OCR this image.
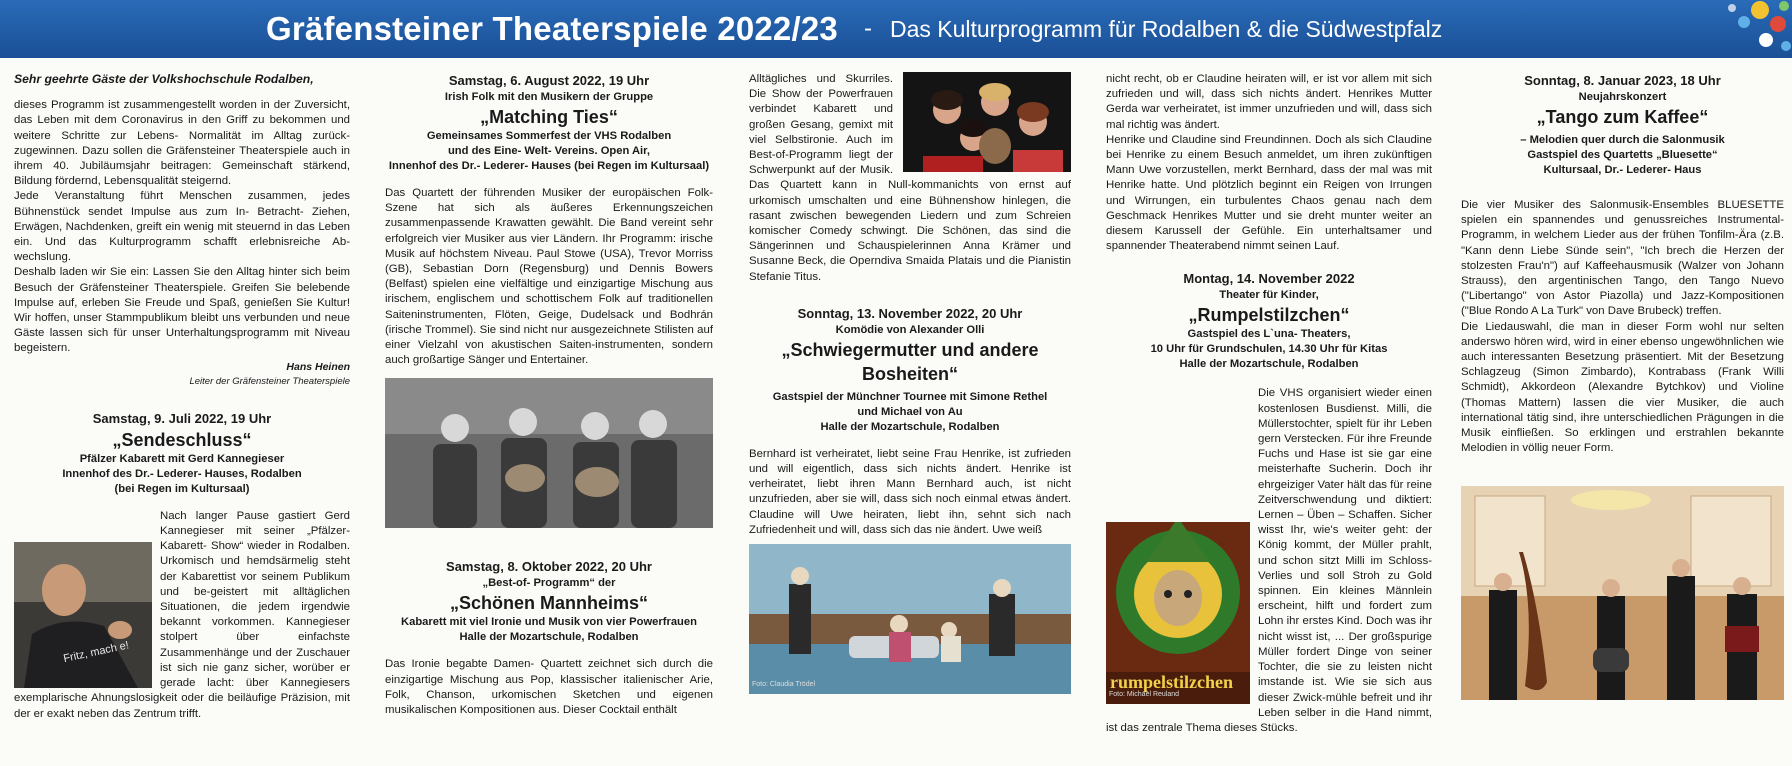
Gräfensteiner Theaterspiele 2022/23 - Das Kulturprogramm für Rodalben & die Südwestpfalz
Sehr geehrte Gäste der Volkshochschule Rodalben,

dieses Programm ist zusammengestellt worden in der Zuversicht, das Leben mit dem Coronavirus in den Griff zu bekommen und weitere Schritte zur Lebens- Normalität im Alltag zurück-zugewinnen. Dazu sollen die Gräfensteiner Theaterspiele auch in ihrem 40. Jubiläumsjahr beitragen: Gemeinschaft stärkend, Bildung fördernd, Lebensqualität steigernd.

Jede Veranstaltung führt Menschen zusammen, jedes Bühnenstück sendet Impulse aus zum In- Betracht- Ziehen, Erwägen, Nachdenken, greift ein wenig mit steuernd in das Leben ein. Und das Kulturprogramm schafft erlebnisreiche Ab-wechslung.

Deshalb laden wir Sie ein: Lassen Sie den Alltag hinter sich beim Besuch der Gräfensteiner Theaterspiele. Greifen Sie belebende Impulse auf, erleben Sie Freude und Spaß, genießen Sie Kultur! Wir hoffen, unser Stammpublikum bleibt uns verbunden und neue Gäste lassen sich für unser Unterhaltungsprogramm mit Niveau begeistern.

Hans Heinen
Leiter der Gräfensteiner Theaterspiele
Samstag, 9. Juli 2022, 19 Uhr
„Sendeschluss“
Pfälzer Kabarett mit Gerd Kannegieser
Innenhof des Dr.- Lederer- Hauses, Rodalben
(bei Regen im Kultursaal)
Fritz, mach e!

Nach langer Pause gastiert Gerd Kannegieser mit seiner „Pfälzer-Kabarett- Show“ wieder in Rodalben. Urkomisch und hemdsärmelig steht der Kabarettist vor seinem Publikum und be-geistert mit alltäglichen Situationen, die jedem irgendwie bekannt vorkommen. Kannegieser stolpert über einfachste Zusammenhänge und der Zuschauer ist sich nie ganz sicher, worüber er gerade lacht: über Kannegiesers exemplarische Ahnungslosigkeit oder die beiläufige Präzision, mit der er exakt neben das Zentrum trifft.

Samstag, 6. August 2022, 19 Uhr
Irish Folk mit den Musikern der Gruppe
„Matching Ties“
Gemeinsames Sommerfest der VHS Rodalben
und des Eine- Welt- Vereins. Open Air,
Innenhof des Dr.- Lederer- Hauses (bei Regen im Kultursaal)

Das Quartett der führenden Musiker der europäischen Folk- Szene hat sich als äußeres Erkennungszeichen zusammenpassende Krawatten gewählt. Die Band vereint sehr erfolgreich vier Musiker aus vier Ländern. Ihr Programm: irische Musik auf höchstem Niveau. Paul Stowe (USA), Trevor Morriss (GB), Sebastian Dorn (Regensburg) und Dennis Bowers (Belfast) spielen eine vielfältige und einzigartige Mischung aus irischem, englischem und schottischem Folk auf traditionellen Saiteninstrumenten, Flöten, Geige, Dudelsack und Bodhrán (irische Trommel). Sie sind nicht nur ausgezeichnete Stilisten auf einer Vielzahl von akustischen Saiten-instrumenten, sondern auch großartige Sänger und Entertainer.

Samstag, 8. Oktober 2022, 20 Uhr
„Best-of- Programm“ der
„Schönen Mannheims“
Kabarett mit viel Ironie und Musik von vier Powerfrauen
Halle der Mozartschule, Rodalben

Das Ironie begabte Damen- Quartett zeichnet sich durch die einzigartige Mischung aus Pop, klassischer italienischer Arie, Folk, Chanson, urkomischen Sketchen und eigenen musikalischen Kompositionen aus. Dieser Cocktail enthält

Alltägliches und Skurriles. Die Show der Powerfrauen verbindet Kabarett und großen Gesang, gemixt mit viel Selbstironie. Auch im Best-of-Programm liegt der Schwerpunkt auf der Musik. Das Quartett kann in Null-kommanichts von ernst auf urkomisch umschalten und eine Bühnenshow hinlegen, die rasant zwischen bewegenden Liedern und zum Schreien komischer Comedy schwingt. Die Schönen, das sind die Sängerinnen und Schauspielerinnen Anna Krämer und Susanne Beck, die Operndiva Smaida Platais und die Pianistin Stefanie Titus.

Sonntag, 13. November 2022, 20 Uhr
Komödie von Alexander Olli
„Schwiegermutter und andere Bosheiten“
Gastspiel der Münchner Tournee mit Simone Rethel
und Michael von Au
Halle der Mozartschule, Rodalben

Bernhard ist verheiratet, liebt seine Frau Henrike, ist zufrieden und will eigentlich, dass sich nichts ändert. Henrike ist verheiratet, liebt ihren Mann Bernhard auch, ist nicht unzufrieden, aber sie will, dass sich noch einmal etwas ändert. Claudine will Uwe heiraten, liebt ihn, sehnt sich nach Zufriedenheit und will, dass sich das nie ändert. Uwe weiß

Foto: Claudia Trödel

nicht recht, ob er Claudine heiraten will, er ist vor allem mit sich zufrieden und will, dass sich nichts ändert. Henrikes Mutter Gerda war verheiratet, ist immer unzufrieden und will, dass sich mal richtig was ändert.

Henrike und Claudine sind Freundinnen. Doch als sich Claudine bei Henrike zu einem Besuch anmeldet, um ihren zukünftigen Mann Uwe vorzustellen, merkt Bernhard, dass der mal was mit Henrike hatte. Und plötzlich beginnt ein Reigen von Irrungen und Wirrungen, ein turbulentes Chaos genau nach dem Geschmack Henrikes Mutter und sie dreht munter weiter an diesem Karussell der Gefühle. Ein unterhaltsamer und spannender Theaterabend nimmt seinen Lauf.

Montag, 14. November 2022
Theater für Kinder,
„Rumpelstilzchen“
Gastspiel des L`una- Theaters,
10 Uhr für Grundschulen, 14.30 Uhr für Kitas
Halle der Mozartschule, Rodalben
rumpelstilzchen
Foto: Michael Reuland

Die VHS organisiert wieder einen kostenlosen Busdienst. Milli, die Müllerstochter, spielt für ihr Leben gern Verstecken. Für ihre Freunde Fuchs und Hase ist sie gar eine meisterhafte Sucherin. Doch ihr ehrgeiziger Vater hält das für reine Zeitverschwendung und diktiert: Lernen – Üben – Schaffen. Sicher wisst Ihr, wie's weiter geht: der König kommt, der Müller prahlt, und schon sitzt Milli im Schloss-Verlies und soll Stroh zu Gold spinnen. Ein kleines Männlein erscheint, hilft und fordert zum Lohn ihr erstes Kind. Doch was ihr nicht wisst ist, ... Der großspurige Müller fordert Dinge von seiner Tochter, die sie zu leisten nicht imstande ist. Wie sie sich aus dieser Zwick-mühle befreit und ihr Leben selber in die Hand nimmt, ist das zentrale Thema dieses Stücks.

Sonntag, 8. Januar 2023, 18 Uhr
Neujahrskonzert
„Tango zum Kaffee“
– Melodien quer durch die Salonmusik
Gastspiel des Quartetts „Bluesette“
Kultursaal, Dr.- Lederer- Haus

Die vier Musiker des Salonmusik-Ensembles BLUESETTE spielen ein spannendes und genussreiches Instrumental-Programm, in welchem Lieder aus der frühen Tonfilm-Ära (z.B. "Kann denn Liebe Sünde sein", "Ich brech die Herzen der stolzesten Frau'n") auf Kaffeehausmusik (Walzer von Johann Strauss), den argentinischen Tango, den Tango Nuevo ("Libertango" von Astor Piazolla) und Jazz-Kompositionen ("Blue Rondo A La Turk" von Dave Brubeck) treffen.

Die Liedauswahl, die man in dieser Form wohl nur selten anderswo hören wird, wird in einer ebenso ungewöhnlichen wie auch interessanten Besetzung präsentiert. Mit der Besetzung Schlagzeug (Simon Zimbardo), Kontrabass (Frank Willi Schmidt), Akkordeon (Alexandre Bytchkov) und Violine (Thomas Mattern) lassen die vier Musiker, die auch international tätig sind, ihre unterschiedlichen Prägungen in die Musik einfließen. So erklingen und erstrahlen bekannte Melodien in völlig neuer Form.
